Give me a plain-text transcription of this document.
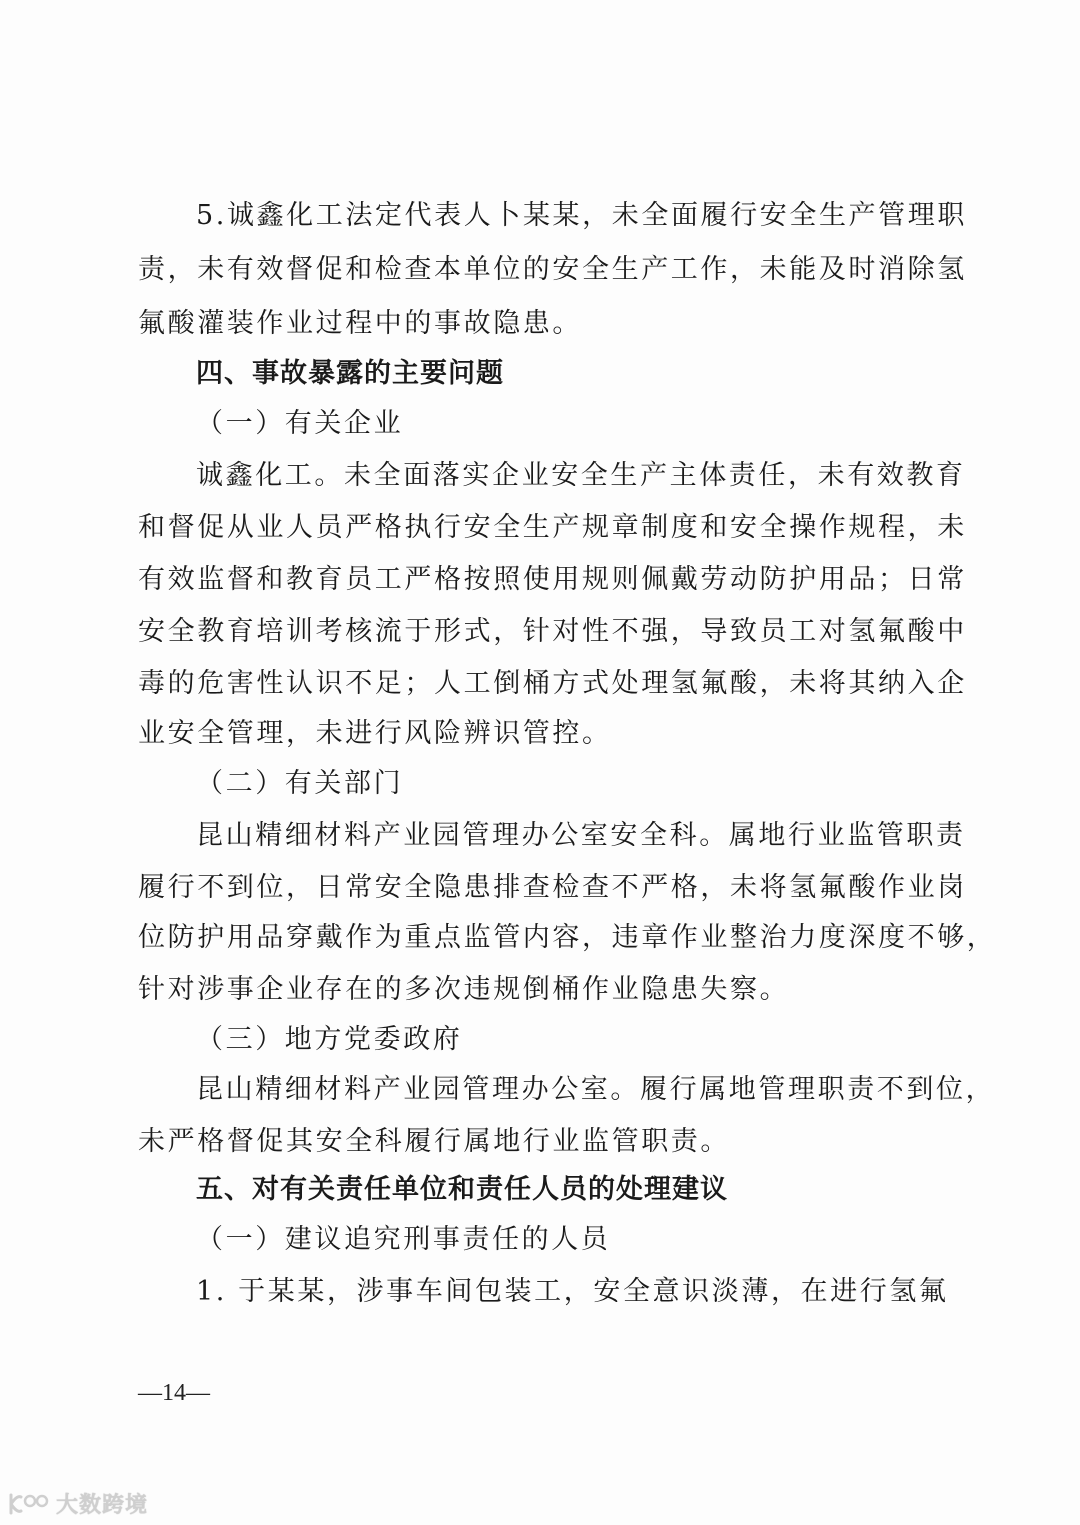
5.诚鑫化工法定代表人卜某某，未全面履行安全生产管理职
责，未有效督促和检查本单位的安全生产工作，未能及时消除氢
氟酸灌装作业过程中的事故隐患。
四、事故暴露的主要问题
（一）有关企业
诚鑫化工。未全面落实企业安全生产主体责任，未有效教育
和督促从业人员严格执行安全生产规章制度和安全操作规程，未
有效监督和教育员工严格按照使用规则佩戴劳动防护用品；日常
安全教育培训考核流于形式，针对性不强，导致员工对氢氟酸中
毒的危害性认识不足；人工倒桶方式处理氢氟酸，未将其纳入企
业安全管理，未进行风险辨识管控。
（二）有关部门
昆山精细材料产业园管理办公室安全科。属地行业监管职责
履行不到位，日常安全隐患排查检查不严格，未将氢氟酸作业岗
位防护用品穿戴作为重点监管内容，违章作业整治力度深度不够，
针对涉事企业存在的多次违规倒桶作业隐患失察。
（三）地方党委政府
昆山精细材料产业园管理办公室。履行属地管理职责不到位，
未严格督促其安全科履行属地行业监管职责。
五、对有关责任单位和责任人员的处理建议
（一）建议追究刑事责任的人员
1. 于某某，涉事车间包装工，安全意识淡薄，在进行氢氟
—14—
大数跨境
